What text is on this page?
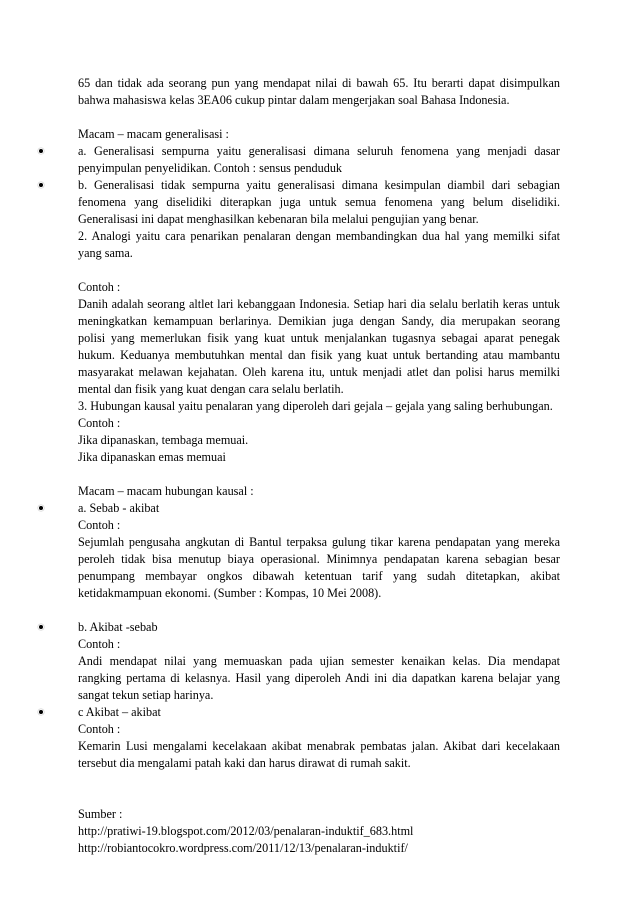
65 dan tidak ada seorang pun yang mendapat nilai di bawah 65. Itu berarti dapat disimpulkan bahwa mahasiswa kelas 3EA06 cukup pintar dalam mengerjakan soal Bahasa Indonesia.

Macam – macam generalisasi :

a. Generalisasi sempurna yaitu generalisasi dimana seluruh fenomena yang menjadi dasar penyimpulan penyelidikan. Contoh : sensus penduduk

b. Generalisasi tidak sempurna yaitu generalisasi dimana kesimpulan diambil dari sebagian fenomena yang diselidiki diterapkan juga untuk semua fenomena yang belum diselidiki. Generalisasi ini dapat menghasilkan kebenaran bila melalui pengujian yang benar.

2. Analogi yaitu cara penarikan penalaran dengan membandingkan dua hal yang memilki sifat yang sama.

Contoh :

Danih adalah seorang altlet lari kebanggaan Indonesia. Setiap hari dia selalu berlatih keras untuk meningkatkan kemampuan berlarinya. Demikian juga dengan Sandy, dia merupakan seorang polisi yang memerlukan fisik yang kuat untuk menjalankan tugasnya sebagai aparat penegak hukum. Keduanya membutuhkan mental dan fisik yang kuat untuk bertanding atau mambantu masyarakat melawan kejahatan. Oleh karena itu, untuk menjadi atlet dan polisi harus memilki mental dan fisik yang kuat dengan cara selalu berlatih.

3. Hubungan kausal yaitu penalaran yang diperoleh dari gejala – gejala yang saling berhubungan.

Contoh :

Jika dipanaskan, tembaga memuai.

Jika dipanaskan emas memuai

Macam – macam hubungan kausal :

a. Sebab - akibat

Contoh :

Sejumlah pengusaha angkutan di Bantul terpaksa gulung tikar karena pendapatan yang mereka peroleh tidak bisa menutup biaya operasional. Minimnya pendapatan karena sebagian besar penumpang membayar ongkos dibawah ketentuan tarif yang sudah ditetapkan, akibat ketidakmampuan ekonomi. (Sumber : Kompas, 10 Mei 2008).

b. Akibat -sebab

Contoh :

Andi mendapat nilai yang memuaskan pada ujian semester kenaikan kelas. Dia mendapat rangking pertama di kelasnya. Hasil yang diperoleh Andi ini dia dapatkan karena belajar yang sangat tekun setiap harinya.

c Akibat – akibat

Contoh :

Kemarin Lusi mengalami kecelakaan akibat menabrak pembatas jalan. Akibat dari kecelakaan tersebut dia mengalami patah kaki dan harus dirawat di rumah sakit.

Sumber :

http://pratiwi-19.blogspot.com/2012/03/penalaran-induktif_683.html

http://robiantocokro.wordpress.com/2011/12/13/penalaran-induktif/
